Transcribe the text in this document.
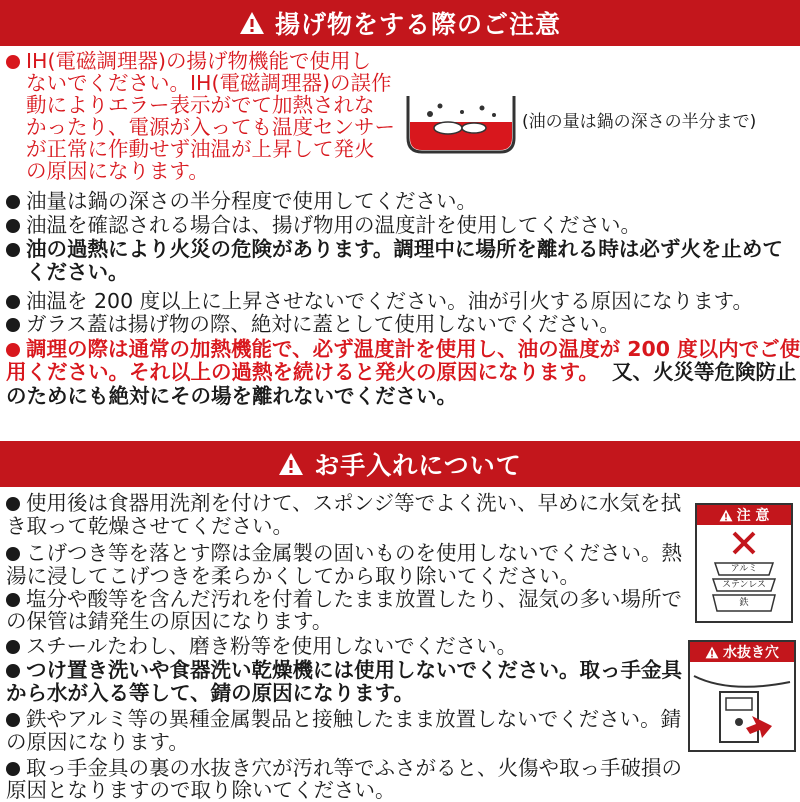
揚げ物をする際のご注意
IH(電磁調理器)の揚げ物機能で使用し
ないでください。IH(電磁調理器)の誤作
動によりエラー表示がでて加熱されな
かったり、電源が入っても温度センサー
が正常に作動せず油温が上昇して発火
の原因になります。
(油の量は鍋の深さの半分まで)
油量は鍋の深さの半分程度で使用してください。
油温を確認される場合は、揚げ物用の温度計を使用してください。
油の過熱により火災の危険があります。調理中に場所を離れる時は必ず火を止めて
ください。
油温を 200 度以上に上昇させないでください。油が引火する原因になります。
ガラス蓋は揚げ物の際、絶対に蓋として使用しないでください。
調理の際は通常の加熱機能で、必ず温度計を使用し、油の温度が 200 度以内でご使
用ください。それ以上の過熱を続けると発火の原因になります。 又、火災等危険防止
のためにも絶対にその場を離れないでください。
お手入れについて
使用後は食器用洗剤を付けて、スポンジ等でよく洗い、早めに水気を拭
き取って乾燥させてください。
こげつき等を落とす際は金属製の固いものを使用しないでください。熱
湯に浸してこげつきを柔らかくしてから取り除いてください。
塩分や酸等を含んだ汚れを付着したまま放置したり、湿気の多い場所で
の保管は錆発生の原因になります。
スチールたわし、磨き粉等を使用しないでください。
つけ置き洗いや食器洗い乾燥機には使用しないでください。取っ手金具
から水が入る等して、錆の原因になります。
鉄やアルミ等の異種金属製品と接触したまま放置しないでください。錆
の原因になります。
取っ手金具の裏の水抜き穴が汚れ等でふさがると、火傷や取っ手破損の
原因となりますので取り除いてください。
注 意
アルミ
ステンレス
鉄
水抜き穴
